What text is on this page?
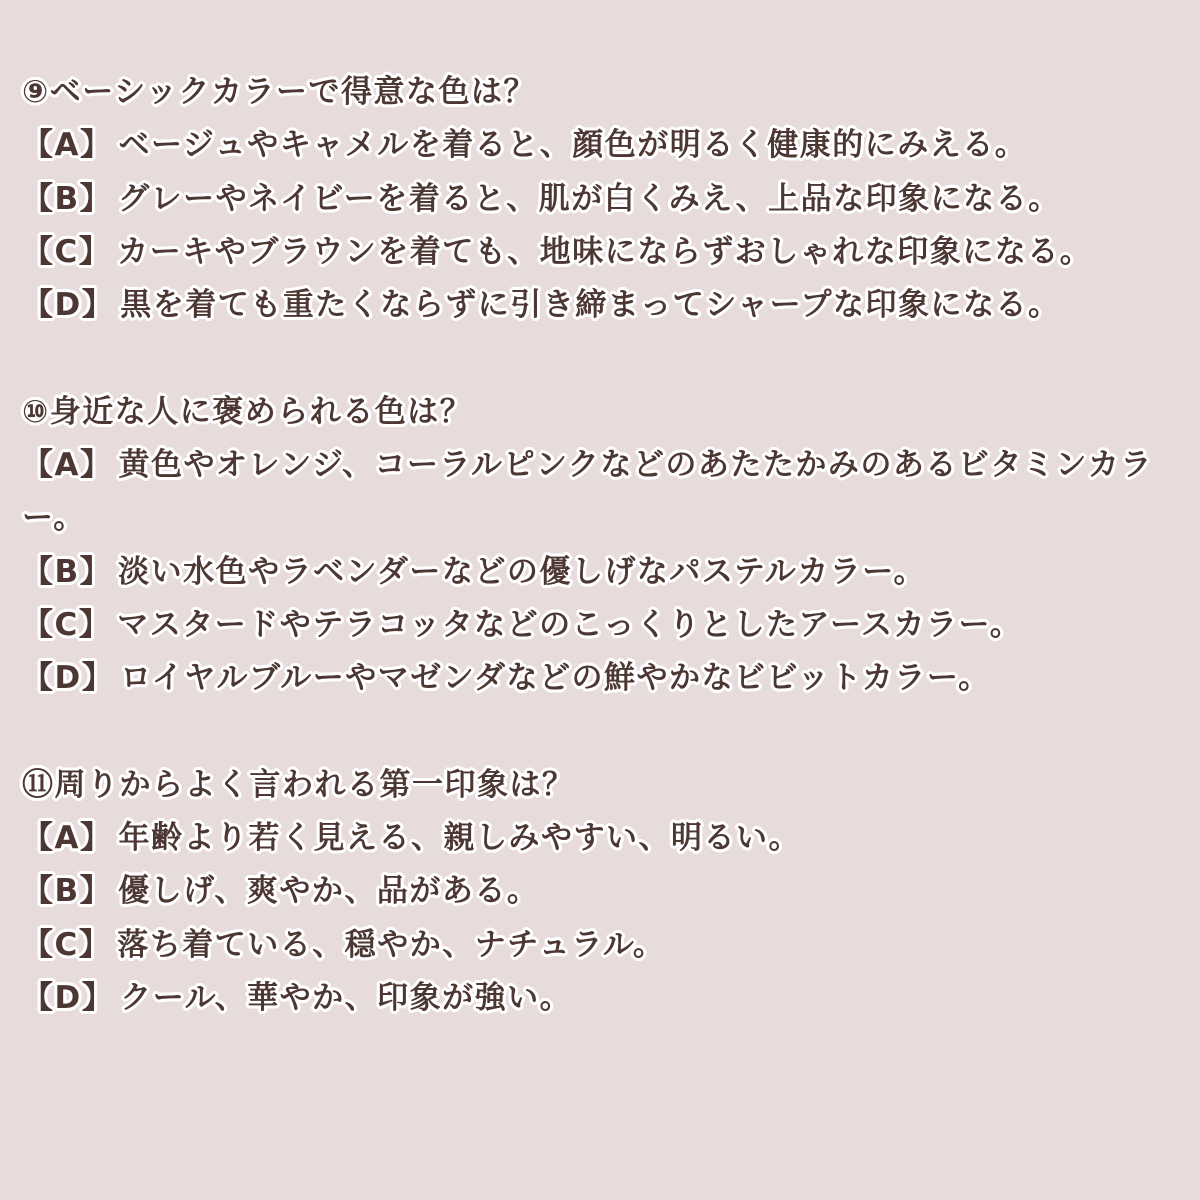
⑨ベーシックカラーで得意な色は？
【A】 ベージュやキャメルを着ると、顔色が明るく健康的にみえる。
【B】 グレーやネイビーを着ると、肌が白くみえ、上品な印象になる。
【C】 カーキやブラウンを着ても、地味にならずおしゃれな印象になる。
【D】 黒を着ても重たくならずに引き締まってシャープな印象になる。
⑩身近な人に褒められる色は？
【A】 黄色やオレンジ、コーラルピンクなどのあたたかみのあるビタミンカラー。
【B】 淡い水色やラベンダーなどの優しげなパステルカラー。
【C】 マスタードやテラコッタなどのこっくりとしたアースカラー。
【D】 ロイヤルブルーやマゼンダなどの鮮やかなビビットカラー。
⑪周りからよく言われる第一印象は？
【A】 年齢より若く見える、親しみやすい、明るい。
【B】 優しげ、爽やか、品がある。
【C】 落ち着ている、穏やか、ナチュラル。
【D】 クール、華やか、印象が強い。
